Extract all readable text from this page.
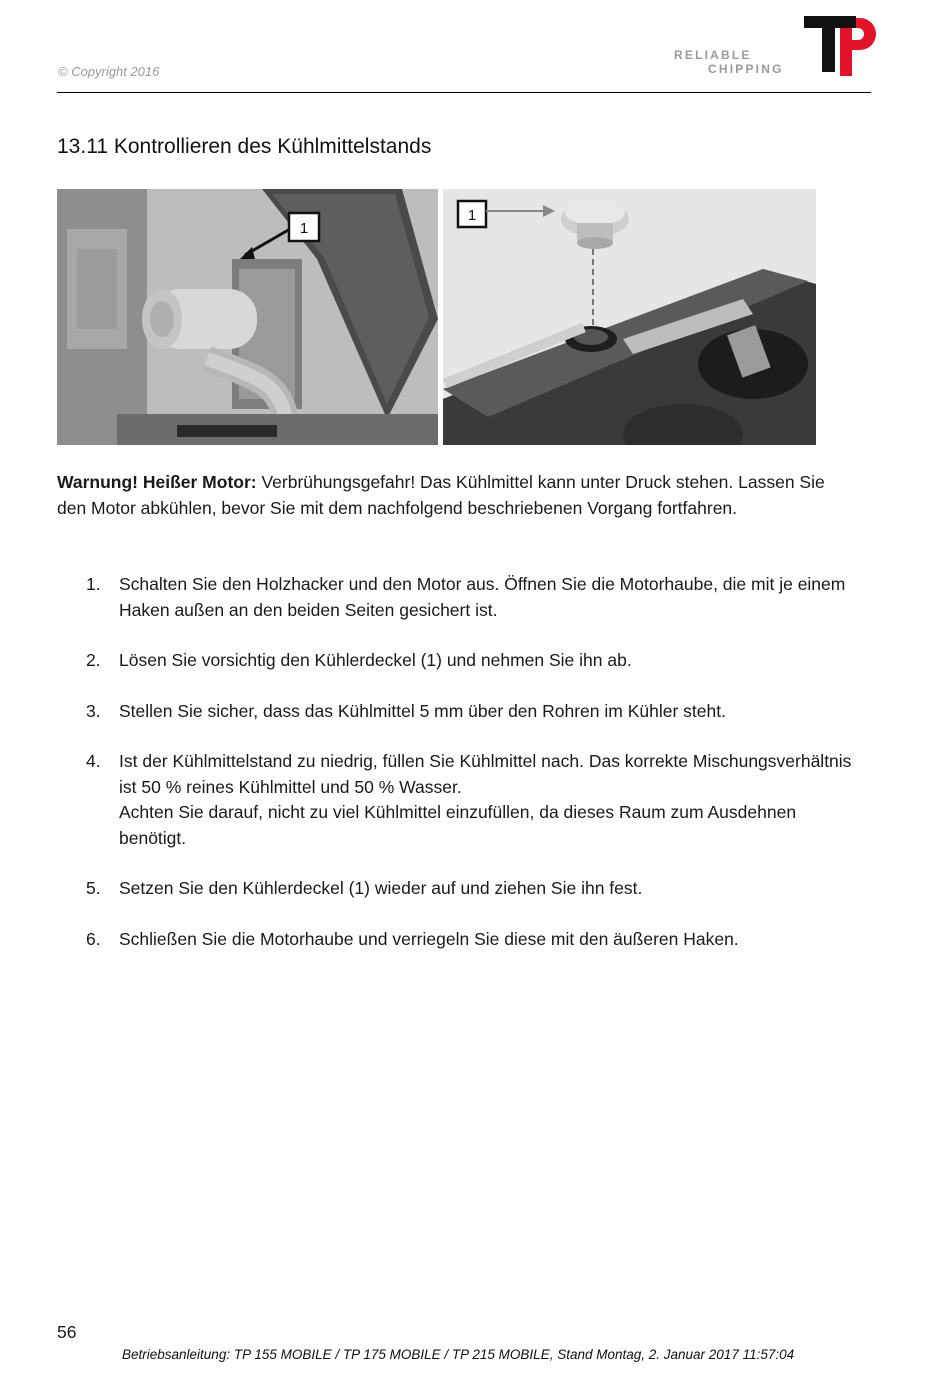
© Copyright 2016
RELIABLE
CHIPPING
13.11 Kontrollieren des Kühlmittelstands
1
1

Warnung! Heißer Motor: Verbrühungsgefahr! Das Kühlmittel kann unter Druck stehen. Lassen Sie den Motor abkühlen, bevor Sie mit dem nachfolgend beschriebenen Vorgang fortfahren.

1. Schalten Sie den Holzhacker und den Motor aus. Öffnen Sie die Motorhaube, die mit je einem Haken außen an den beiden Seiten gesichert ist.
2. Lösen Sie vorsichtig den Kühlerdeckel (1) und nehmen Sie ihn ab.
3. Stellen Sie sicher, dass das Kühlmittel 5 mm über den Rohren im Kühler steht.
4. Ist der Kühlmittelstand zu niedrig, füllen Sie Kühlmittel nach. Das korrekte Mischungsverhältnis ist 50 % reines Kühlmittel und 50 % Wasser.
Achten Sie darauf, nicht zu viel Kühlmittel einzufüllen, da dieses Raum zum Ausdehnen benötigt.
5. Setzen Sie den Kühlerdeckel (1) wieder auf und ziehen Sie ihn fest.
6. Schließen Sie die Motorhaube und verriegeln Sie diese mit den äußeren Haken.
56
Betriebsanleitung: TP 155 MOBILE / TP 175 MOBILE / TP 215 MOBILE, Stand Montag, 2. Januar 2017 11:57:04
